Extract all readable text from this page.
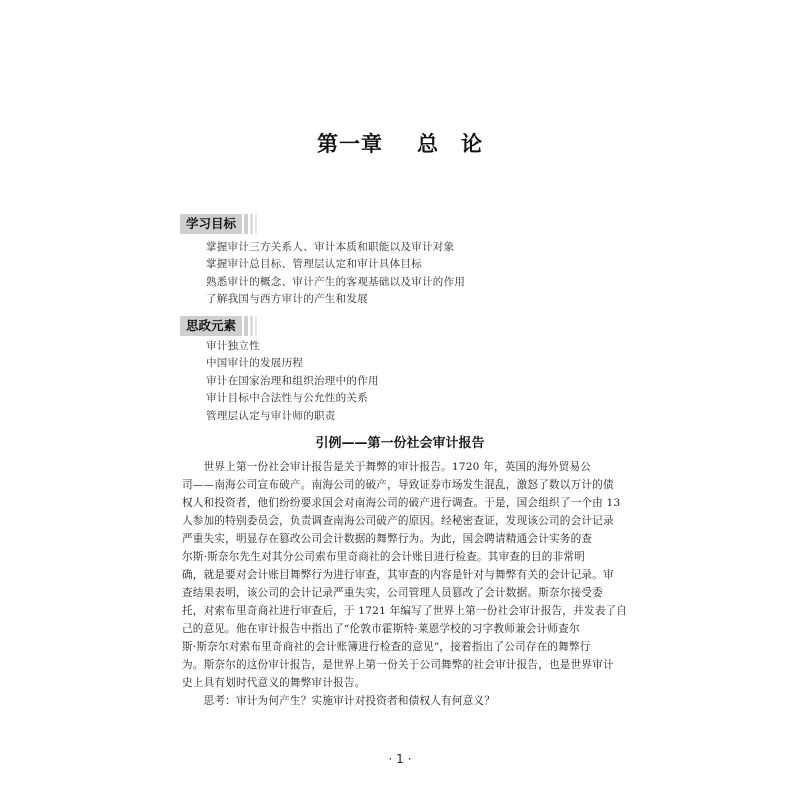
第一章 总　论
学习目标
掌握审计三方关系人、审计本质和职能以及审计对象
掌握审计总目标、管理层认定和审计具体目标
熟悉审计的概念、审计产生的客观基础以及审计的作用
了解我国与西方审计的产生和发展
思政元素
审计独立性
中国审计的发展历程
审计在国家治理和组织治理中的作用
审计目标中合法性与公允性的关系
管理层认定与审计师的职责
引例——第一份社会审计报告
　　世界上第一份社会审计报告是关于舞弊的审计报告。1720 年，英国的海外贸易公
司——南海公司宣布破产。南海公司的破产，导致证券市场发生混乱，激怒了数以万计的债
权人和投资者，他们纷纷要求国会对南海公司的破产进行调查。于是，国会组织了一个由 13
人参加的特别委员会，负责调查南海公司破产的原因。经秘密查证，发现该公司的会计记录
严重失实，明显存在篡改公司会计数据的舞弊行为。为此，国会聘请精通会计实务的查
尔斯·斯奈尔先生对其分公司索布里奇商社的会计账目进行检查。其审查的目的非常明
确，就是要对会计账目舞弊行为进行审查，其审查的内容是针对与舞弊有关的会计记录。审
查结果表明，该公司的会计记录严重失实，公司管理人员篡改了会计数据。斯奈尔接受委
托，对索布里奇商社进行审查后，于 1721 年编写了世界上第一份社会审计报告，并发表了自
己的意见。他在审计报告中指出了“伦敦市霍斯特·莱恩学校的习字教师兼会计师查尔
斯·斯奈尔对索布里奇商社的会计账簿进行检查的意见”，接着指出了公司存在的舞弊行
为。斯奈尔的这份审计报告，是世界上第一份关于公司舞弊的社会审计报告，也是世界审计
史上具有划时代意义的舞弊审计报告。
　　思考：审计为何产生？实施审计对投资者和债权人有何意义？
· 1 ·
